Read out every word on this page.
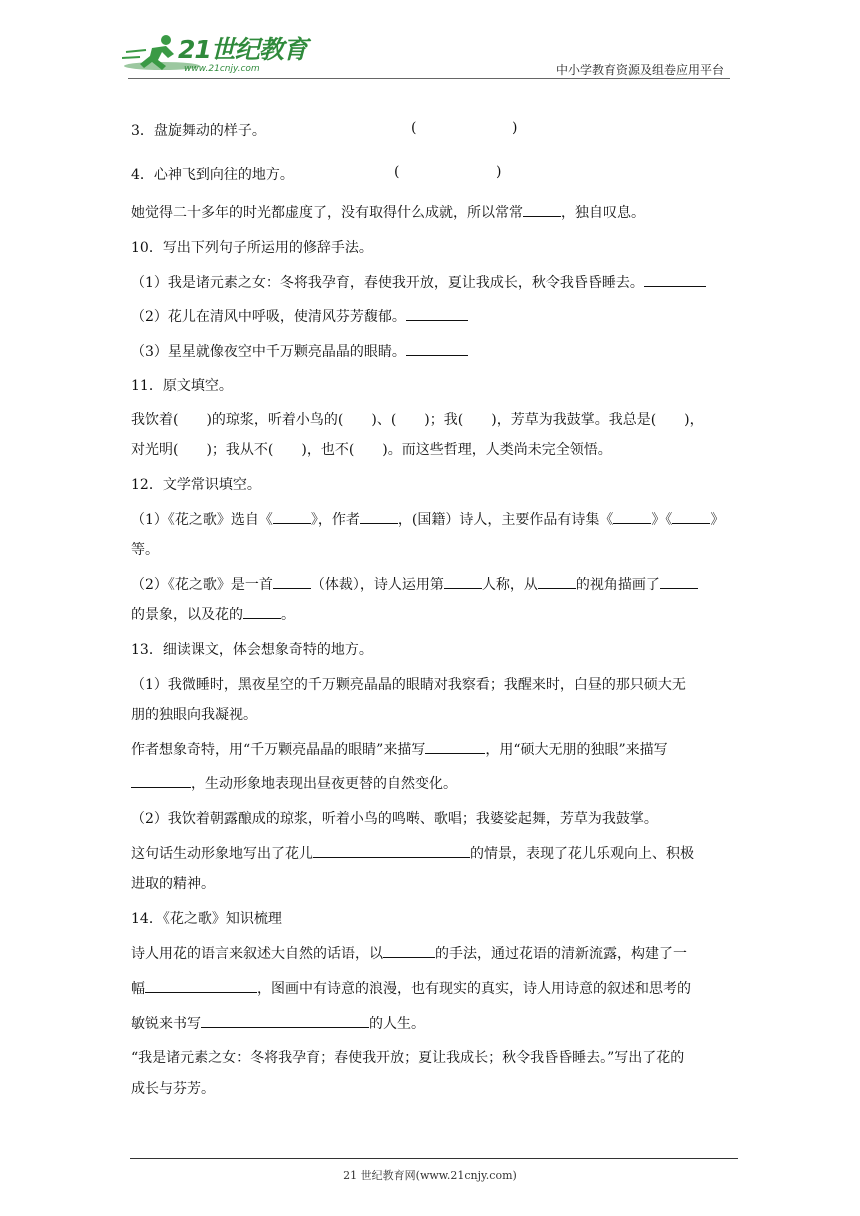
21世纪教育
www.21cnjy.com	中小学教育资源及组卷应用平台
3．盘旋舞动的样子。	(	)
4．心神飞到向往的地方。	(	)
她觉得二十多年的时光都虚度了，没有取得什么成就，所以常常	，独自叹息。
10．写出下列句子所运用的修辞手法。
（1）我是诸元素之女：冬将我孕育，春使我开放，夏让我成长，秋令我昏昏睡去。
（2）花儿在清风中呼吸，使清风芬芳馥郁。
（3）星星就像夜空中千万颗亮晶晶的眼睛。
11．原文填空。
我饮着(　　)的琼浆，听着小鸟的(　　)、(　　)；我(　　)，芳草为我鼓掌。我总是(　　)，
对光明(　　)；我从不(　　)，也不(　　)。而这些哲理，人类尚未完全领悟。
12．文学常识填空。
（1）《花之歌》选自《	》，作者	，(国籍）诗人，主要作品有诗集《	》《	》
等。
（2）《花之歌》是一首	（体裁），诗人运用第	人称，从	的视角描画了
的景象，以及花的	。
13．细读课文，体会想象奇特的地方。
（1）我微睡时，黑夜星空的千万颗亮晶晶的眼睛对我察看；我醒来时，白昼的那只硕大无
朋的独眼向我凝视。
作者想象奇特，用“千万颗亮晶晶的眼睛”来描写	，用“硕大无朋的独眼”来描写
，生动形象地表现出昼夜更替的自然变化。
（2）我饮着朝露酿成的琼浆，听着小鸟的鸣啭、歌唱；我婆娑起舞，芳草为我鼓掌。
这句话生动形象地写出了花儿	的情景，表现了花儿乐观向上、积极
进取的精神。
14．《花之歌》知识梳理
诗人用花的语言来叙述大自然的话语，以	的手法，通过花语的清新流露，构建了一
幅	，图画中有诗意的浪漫，也有现实的真实，诗人用诗意的叙述和思考的
敏锐来书写	的人生。
“我是诸元素之女：冬将我孕育；春使我开放；夏让我成长；秋令我昏昏睡去。”写出了花的
成长与芬芳。
21 世纪教育网(www.21cnjy.com)
